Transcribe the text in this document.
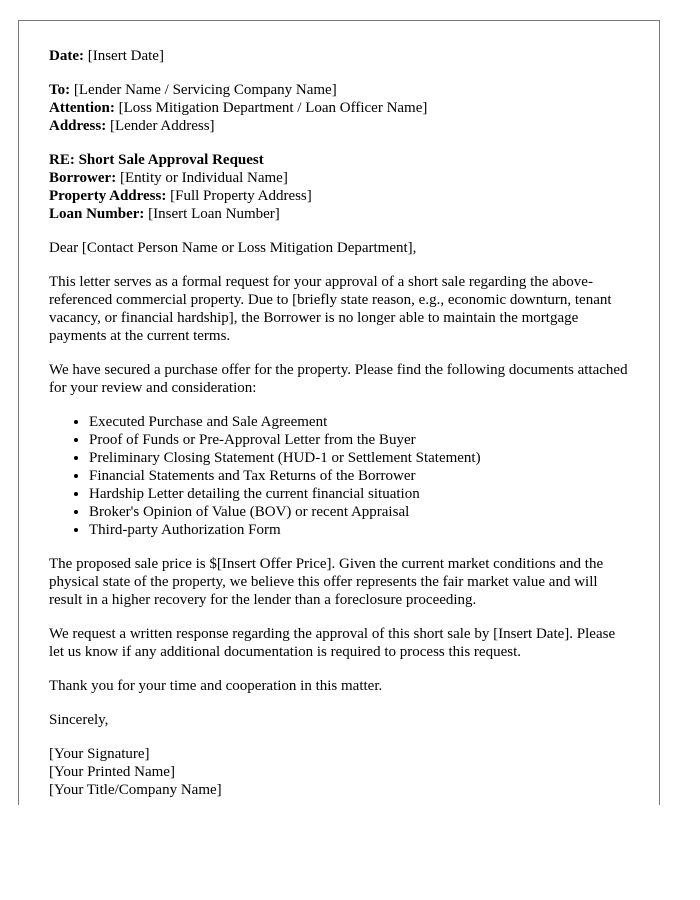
Date: [Insert Date]
To: [Lender Name / Servicing Company Name]
Attention: [Loss Mitigation Department / Loan Officer Name]
Address: [Lender Address]
RE: Short Sale Approval Request
Borrower: [Entity or Individual Name]
Property Address: [Full Property Address]
Loan Number: [Insert Loan Number]

Dear [Contact Person Name or Loss Mitigation Department],

This letter serves as a formal request for your approval of a short sale regarding the above-referenced commercial property. Due to [briefly state reason, e.g., economic downturn, tenant vacancy, or financial hardship], the Borrower is no longer able to maintain the mortgage payments at the current terms.

We have secured a purchase offer for the property. Please find the following documents attached for your review and consideration:

• Executed Purchase and Sale Agreement
• Proof of Funds or Pre-Approval Letter from the Buyer
• Preliminary Closing Statement (HUD-1 or Settlement Statement)
• Financial Statements and Tax Returns of the Borrower
• Hardship Letter detailing the current financial situation
• Broker's Opinion of Value (BOV) or recent Appraisal
• Third-party Authorization Form

The proposed sale price is $[Insert Offer Price]. Given the current market conditions and the physical state of the property, we believe this offer represents the fair market value and will result in a higher recovery for the lender than a foreclosure proceeding.

We request a written response regarding the approval of this short sale by [Insert Date]. Please let us know if any additional documentation is required to process this request.

Thank you for your time and cooperation in this matter.

Sincerely,

[Your Signature]
[Your Printed Name]
[Your Title/Company Name]
